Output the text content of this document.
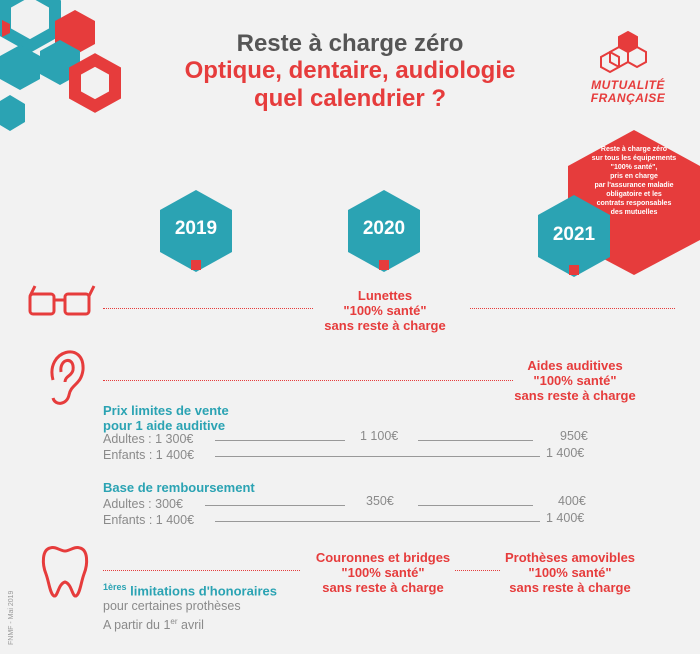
Reste à charge zéro
Optique, dentaire, audiologie
quel calendrier ?	MUTUALITÉ
FRANÇAISE
Reste à charge zéro
sur tous les équipements
"100% santé",
pris en charge
par l'assurance maladie
obligatoire et les
contrats responsables
des mutuelles
2019	2020	2021
Lunettes
"100% santé"
sans reste à charge
Aides auditives
"100% santé"
sans reste à charge
Prix limites de vente
pour 1 aide auditive
Adultes : 1 300€	1 100€	950€
Enfants : 1 400€	1 400€
Base de remboursement
Adultes : 300€	350€	400€
Enfants : 1 400€	1 400€
Couronnes et bridges
"100% santé"
sans reste à charge
Prothèses amovibles
"100% santé"
sans reste à charge
$^{1ères}$ limitations d'honoraires
pour certaines prothèses
A partir du 1er avril
FNMF - Mai 2019
